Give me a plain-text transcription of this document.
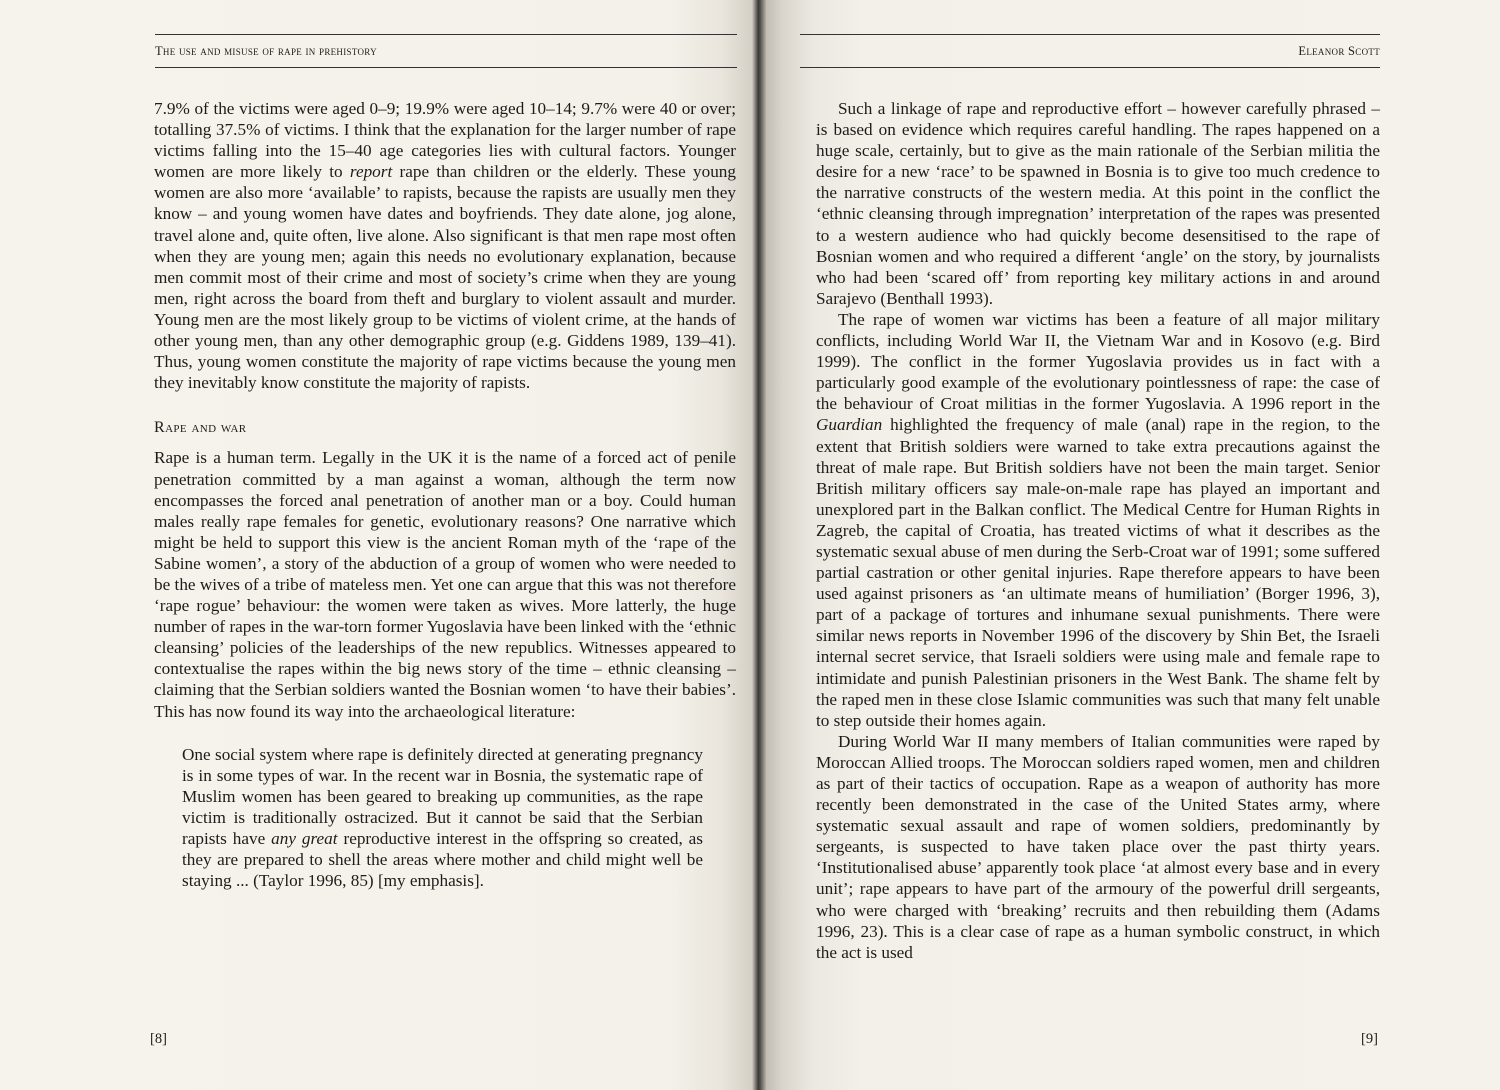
The use and misuse of rape in prehistory

7.9% of the victims were aged 0–9; 19.9% were aged 10–14; 9.7% were 40 or over; totalling 37.5% of victims. I think that the explanation for the larger number of rape victims falling into the 15–40 age categories lies with cultural factors. Younger women are more likely to report rape than children or the elderly. These young women are also more ‘available’ to rapists, because the rapists are usually men they know – and young women have dates and boyfriends. They date alone, jog alone, travel alone and, quite often, live alone. Also significant is that men rape most often when they are young men; again this needs no evolutionary explanation, because men commit most of their crime and most of society’s crime when they are young men, right across the board from theft and burglary to violent assault and murder. Young men are the most likely group to be victims of violent crime, at the hands of other young men, than any other demographic group (e.g. Giddens 1989, 139–41). Thus, young women constitute the majority of rape victims because the young men they inevitably know constitute the majority of rapists.

Rape and war

Rape is a human term. Legally in the UK it is the name of a forced act of penile penetration committed by a man against a woman, although the term now encompasses the forced anal penetration of another man or a boy. Could human males really rape females for genetic, evolutionary reasons? One narrative which might be held to support this view is the ancient Roman myth of the ‘rape of the Sabine women’, a story of the abduction of a group of women who were needed to be the wives of a tribe of mateless men. Yet one can argue that this was not therefore ‘rape rogue’ behaviour: the women were taken as wives. More latterly, the huge number of rapes in the war-torn former Yugoslavia have been linked with the ‘ethnic cleansing’ policies of the leaderships of the new republics. Witnesses appeared to contextualise the rapes within the big news story of the time – ethnic cleansing – claiming that the Serbian soldiers wanted the Bosnian women ‘to have their babies’. This has now found its way into the archaeological literature:

One social system where rape is definitely directed at generating pregnancy is in some types of war. In the recent war in Bosnia, the systematic rape of Muslim women has been geared to breaking up communities, as the rape victim is traditionally ostracized. But it cannot be said that the Serbian rapists have any great reproductive interest in the offspring so created, as they are prepared to shell the areas where mother and child might well be staying ... (Taylor 1996, 85) [my emphasis].
[8]
Eleanor Scott

Such a linkage of rape and reproductive effort – however carefully phrased – is based on evidence which requires careful handling. The rapes happened on a huge scale, certainly, but to give as the main rationale of the Serbian militia the desire for a new ‘race’ to be spawned in Bosnia is to give too much credence to the narrative constructs of the western media. At this point in the conflict the ‘ethnic cleansing through impregnation’ interpretation of the rapes was presented to a western audience who had quickly become desensitised to the rape of Bosnian women and who required a different ‘angle’ on the story, by journalists who had been ‘scared off’ from reporting key military actions in and around Sarajevo (Benthall 1993).

The rape of women war victims has been a feature of all major military conflicts, including World War II, the Vietnam War and in Kosovo (e.g. Bird 1999). The conflict in the former Yugoslavia provides us in fact with a particularly good example of the evolutionary pointlessness of rape: the case of the behaviour of Croat militias in the former Yugoslavia. A 1996 report in the Guardian highlighted the frequency of male (anal) rape in the region, to the extent that British soldiers were warned to take extra precautions against the threat of male rape. But British soldiers have not been the main target. Senior British military officers say male-on-male rape has played an important and unexplored part in the Balkan conflict. The Medical Centre for Human Rights in Zagreb, the capital of Croatia, has treated victims of what it describes as the systematic sexual abuse of men during the Serb-Croat war of 1991; some suffered partial castration or other genital injuries. Rape therefore appears to have been used against prisoners as ‘an ultimate means of humiliation’ (Borger 1996, 3), part of a package of tortures and inhumane sexual punishments. There were similar news reports in November 1996 of the discovery by Shin Bet, the Israeli internal secret service, that Israeli soldiers were using male and female rape to intimidate and punish Palestinian prisoners in the West Bank. The shame felt by the raped men in these close Islamic communities was such that many felt unable to step outside their homes again.

During World War II many members of Italian communities were raped by Moroccan Allied troops. The Moroccan soldiers raped women, men and children as part of their tactics of occupation. Rape as a weapon of authority has more recently been demonstrated in the case of the United States army, where systematic sexual assault and rape of women soldiers, predominantly by sergeants, is suspected to have taken place over the past thirty years. ‘Institutionalised abuse’ apparently took place ‘at almost every base and in every unit’; rape appears to have part of the armoury of the powerful drill sergeants, who were charged with ‘breaking’ recruits and then rebuilding them (Adams 1996, 23). This is a clear case of rape as a human symbolic construct, in which the act is used

[9]
